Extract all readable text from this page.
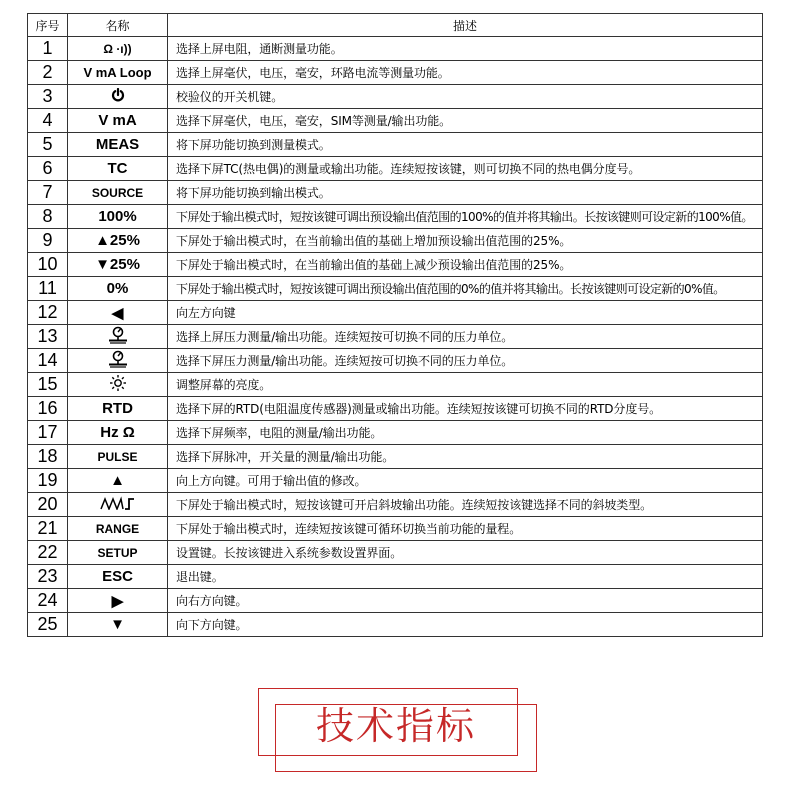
序号	名称	描述
1	Ω ·ı))	选择上屏电阻，通断测量功能。
2	V mA Loop	选择上屏毫伏，电压，毫安，环路电流等测量功能。
3		校验仪的开关机键。
4	V mA	选择下屏毫伏，电压，毫安，SIM等测量/输出功能。
5	MEAS	将下屏功能切换到测量模式。
6	TC	选择下屏TC(热电偶)的测量或输出功能。连续短按该键，则可切换不同的热电偶分度号。
7	SOURCE	将下屏功能切换到输出模式。
8	100%	下屏处于输出模式时，短按该键可调出预设输出值范围的100%的值并将其输出。长按该键则可设定新的100%值。
9	▲25%	下屏处于输出模式时，在当前输出值的基础上增加预设输出值范围的25%。
10	▼25%	下屏处于输出模式时，在当前输出值的基础上减少预设输出值范围的25%。
11	0%	下屏处于输出模式时，短按该键可调出预设输出值范围的0%的值并将其输出。长按该键则可设定新的0%值。
12	◀	向左方向键
13		选择上屏压力测量/输出功能。连续短按可切换不同的压力单位。
14		选择下屏压力测量/输出功能。连续短按可切换不同的压力单位。
15		调整屏幕的亮度。
16	RTD	选择下屏的RTD(电阻温度传感器)测量或输出功能。连续短按该键可切换不同的RTD分度号。
17	Hz Ω	选择下屏频率，电阻的测量/输出功能。
18	PULSE	选择下屏脉冲，开关量的测量/输出功能。
19	▲	向上方向键。可用于输出值的修改。
20		下屏处于输出模式时，短按该键可开启斜坡输出功能。连续短按该键选择不同的斜坡类型。
21	RANGE	下屏处于输出模式时，连续短按该键可循环切换当前功能的量程。
22	SETUP	设置键。长按该键进入系统参数设置界面。
23	ESC	退出键。
24	▶	向右方向键。
25	▼	向下方向键。
技术指标
